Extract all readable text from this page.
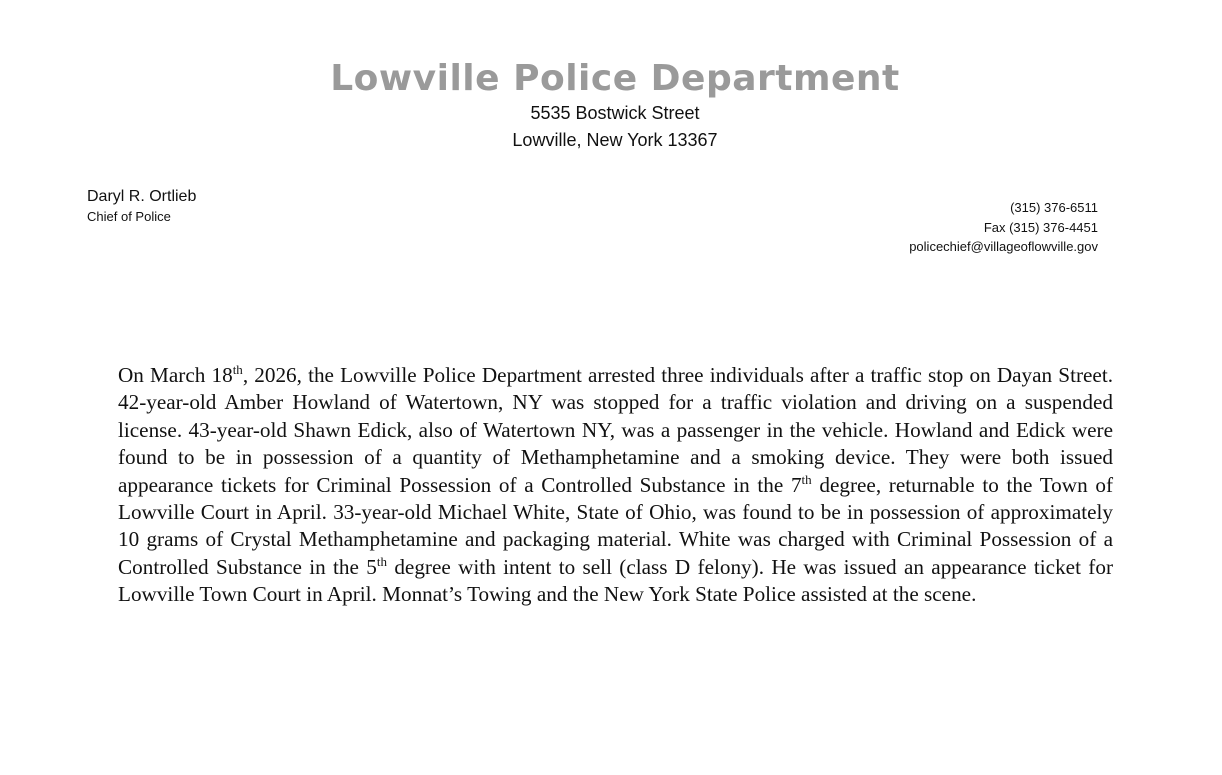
Lowville Police Department
5535 Bostwick Street
Lowville, New York 13367
Daryl R. Ortlieb
Chief of Police
(315) 376-6511
Fax (315) 376-4451
policechief@villageoflowville.gov

On March 18th, 2026, the Lowville Police Department arrested three individuals after a traffic stop on Dayan Street. 42-year-old Amber Howland of Watertown, NY was stopped for a traffic violation and driving on a suspended license. 43-year-old Shawn Edick, also of Watertown NY, was a passenger in the vehicle. Howland and Edick were found to be in possession of a quantity of Methamphetamine and a smoking device. They were both issued appearance tickets for Criminal Possession of a Controlled Substance in the 7th degree, returnable to the Town of Lowville Court in April. 33-year-old Michael White, State of Ohio, was found to be in possession of approximately 10 grams of Crystal Methamphetamine and packaging material. White was charged with Criminal Possession of a Controlled Substance in the 5th degree with intent to sell (class D felony). He was issued an appearance ticket for Lowville Town Court in April. Monnat’s Towing and the New York State Police assisted at the scene.
